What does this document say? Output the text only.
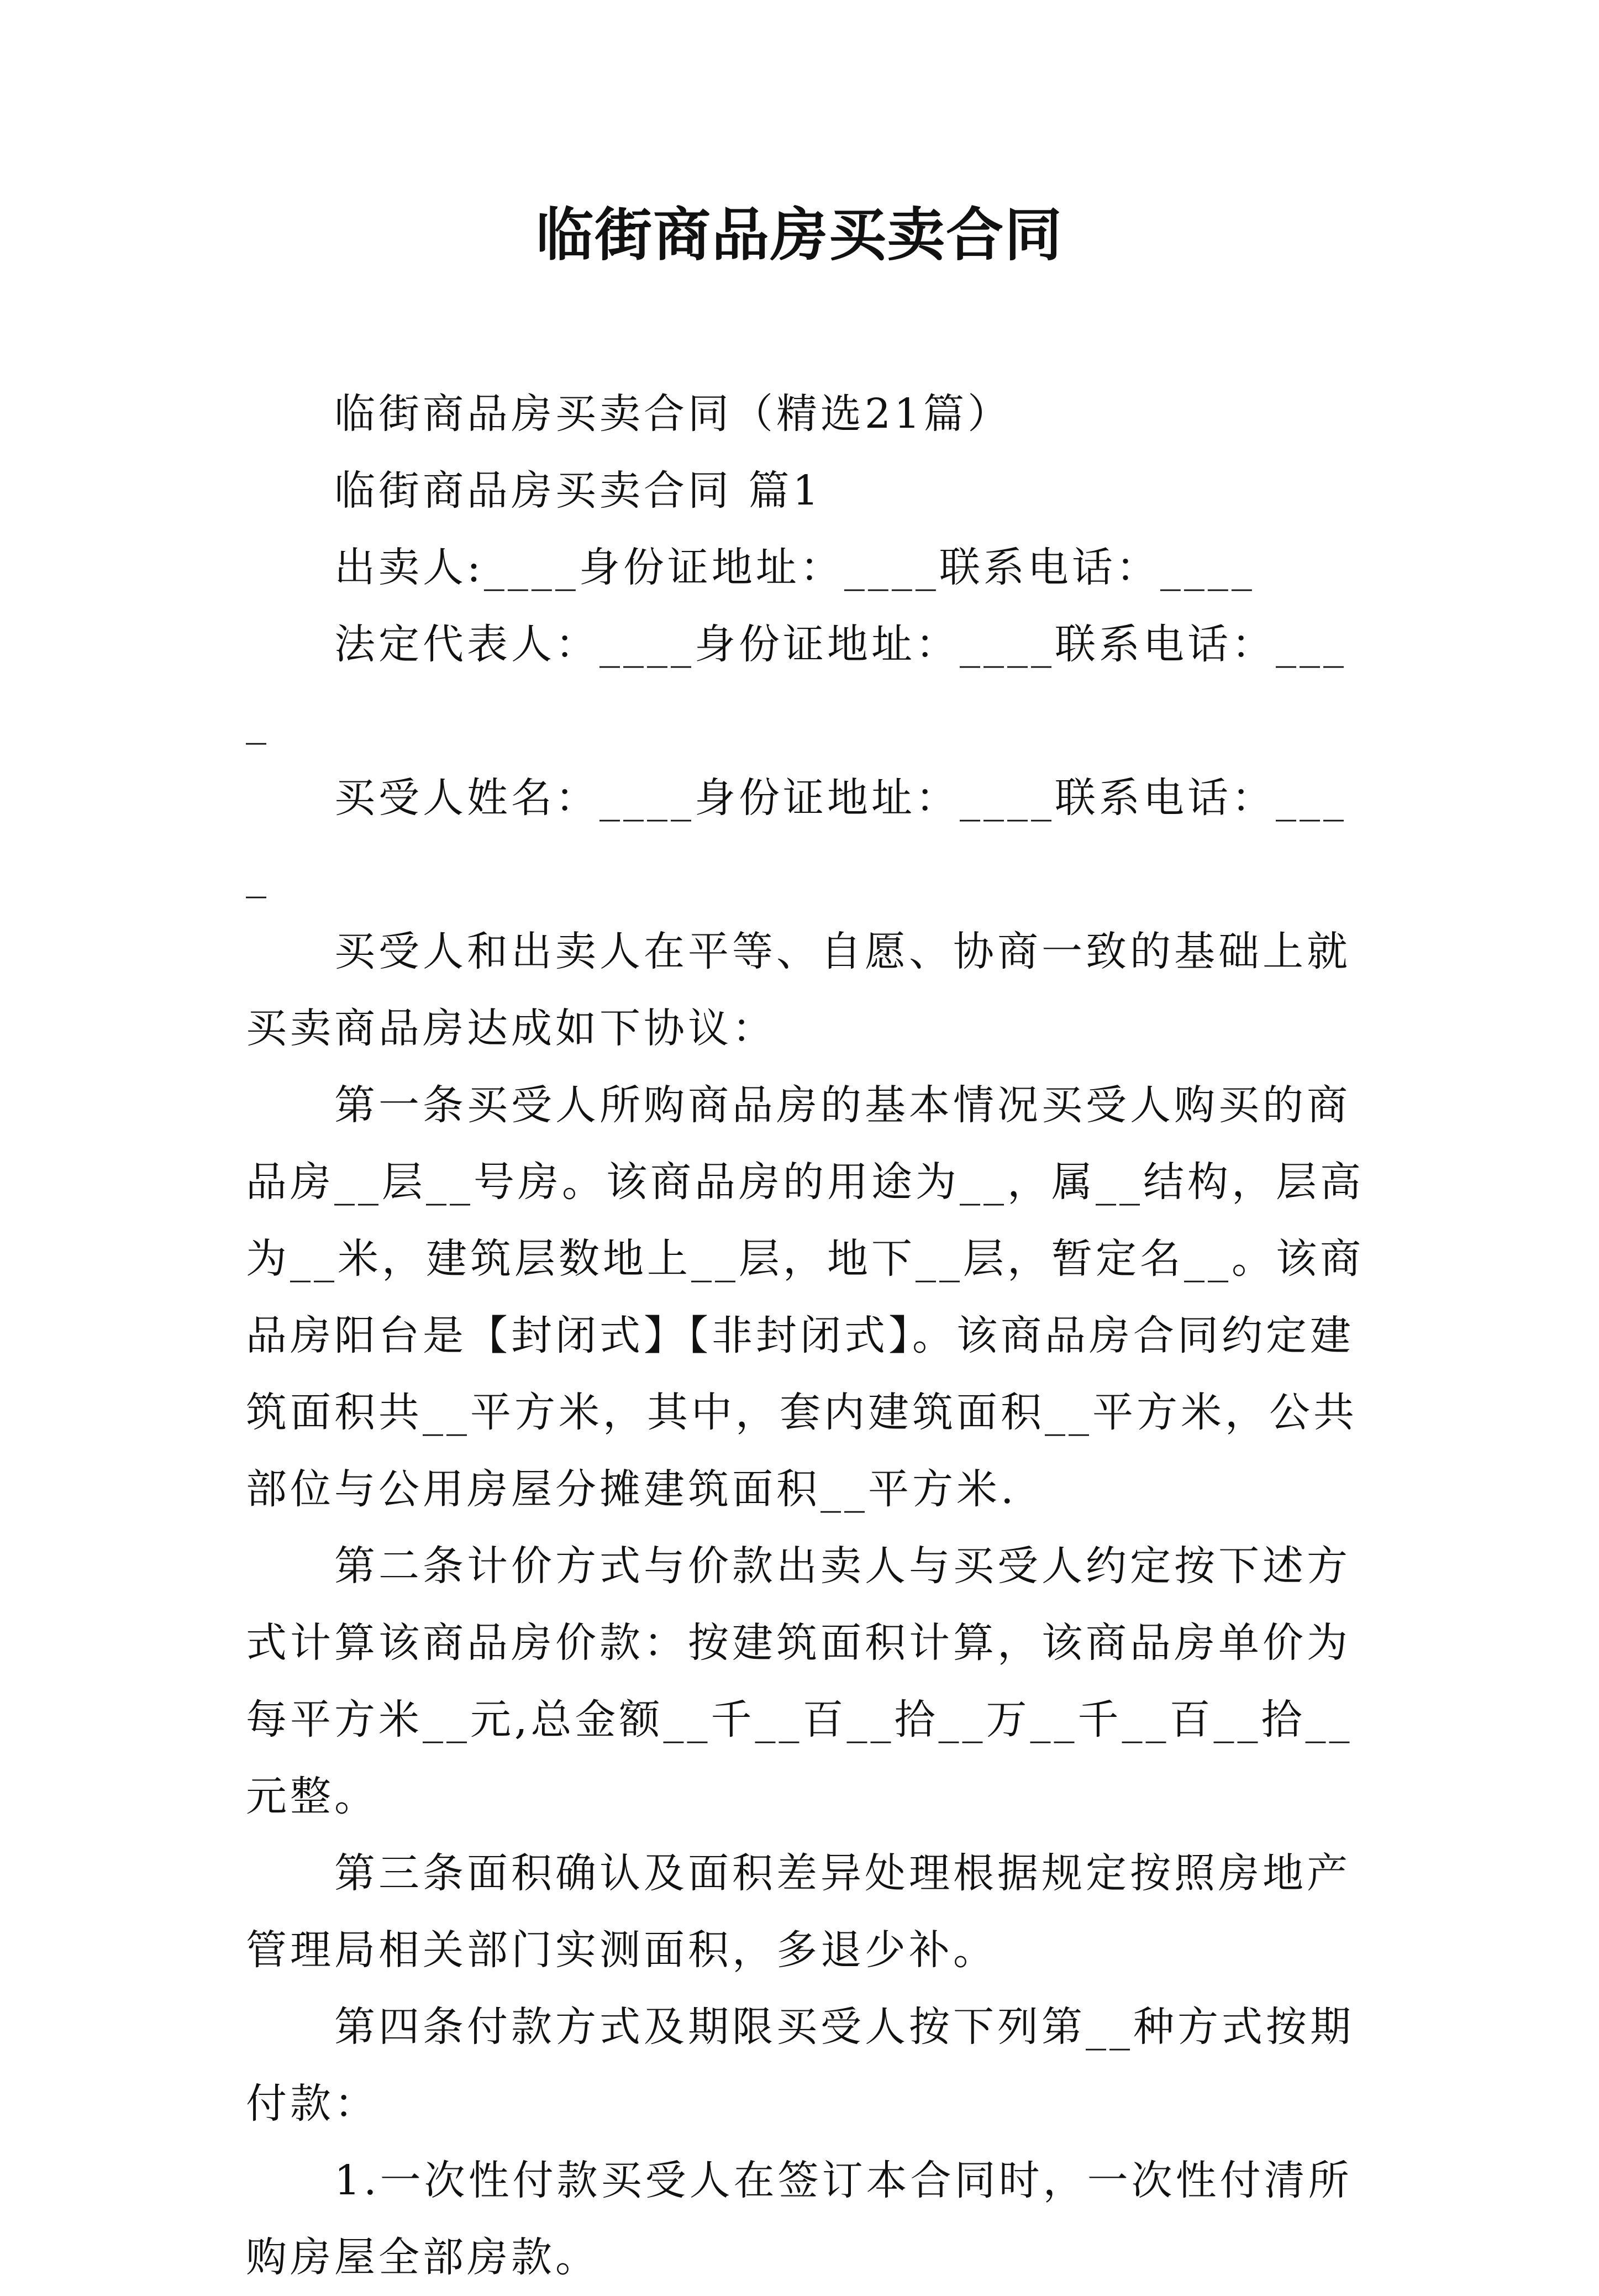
临街商品房买卖合同

临街商品房买卖合同（精选21篇）

临街商品房买卖合同 篇1

出卖人:____身份证地址：____联系电话：____

法定代表人：____身份证地址：____联系电话：____

买受人姓名：____身份证地址：____联系电话：____

买受人和出卖人在平等、自愿、协商一致的基础上就买卖商品房达成如下协议：

第一条买受人所购商品房的基本情况买受人购买的商品房__层__号房。该商品房的用途为__，属__结构，层高为__米，建筑层数地上__层，地下__层，暂定名__。该商品房阳台是【封闭式】【非封闭式】。该商品房合同约定建筑面积共__平方米，其中，套内建筑面积__平方米，公共部位与公用房屋分摊建筑面积__平方米.

第二条计价方式与价款出卖人与买受人约定按下述方式计算该商品房价款：按建筑面积计算，该商品房单价为每平方米__元,总金额__千__百__拾__万__千__百__拾__元整。

第三条面积确认及面积差异处理根据规定按照房地产管理局相关部门实测面积，多退少补。

第四条付款方式及期限买受人按下列第__种方式按期付款：

1.一次性付款买受人在签订本合同时，一次性付清所购房屋全部房款。
